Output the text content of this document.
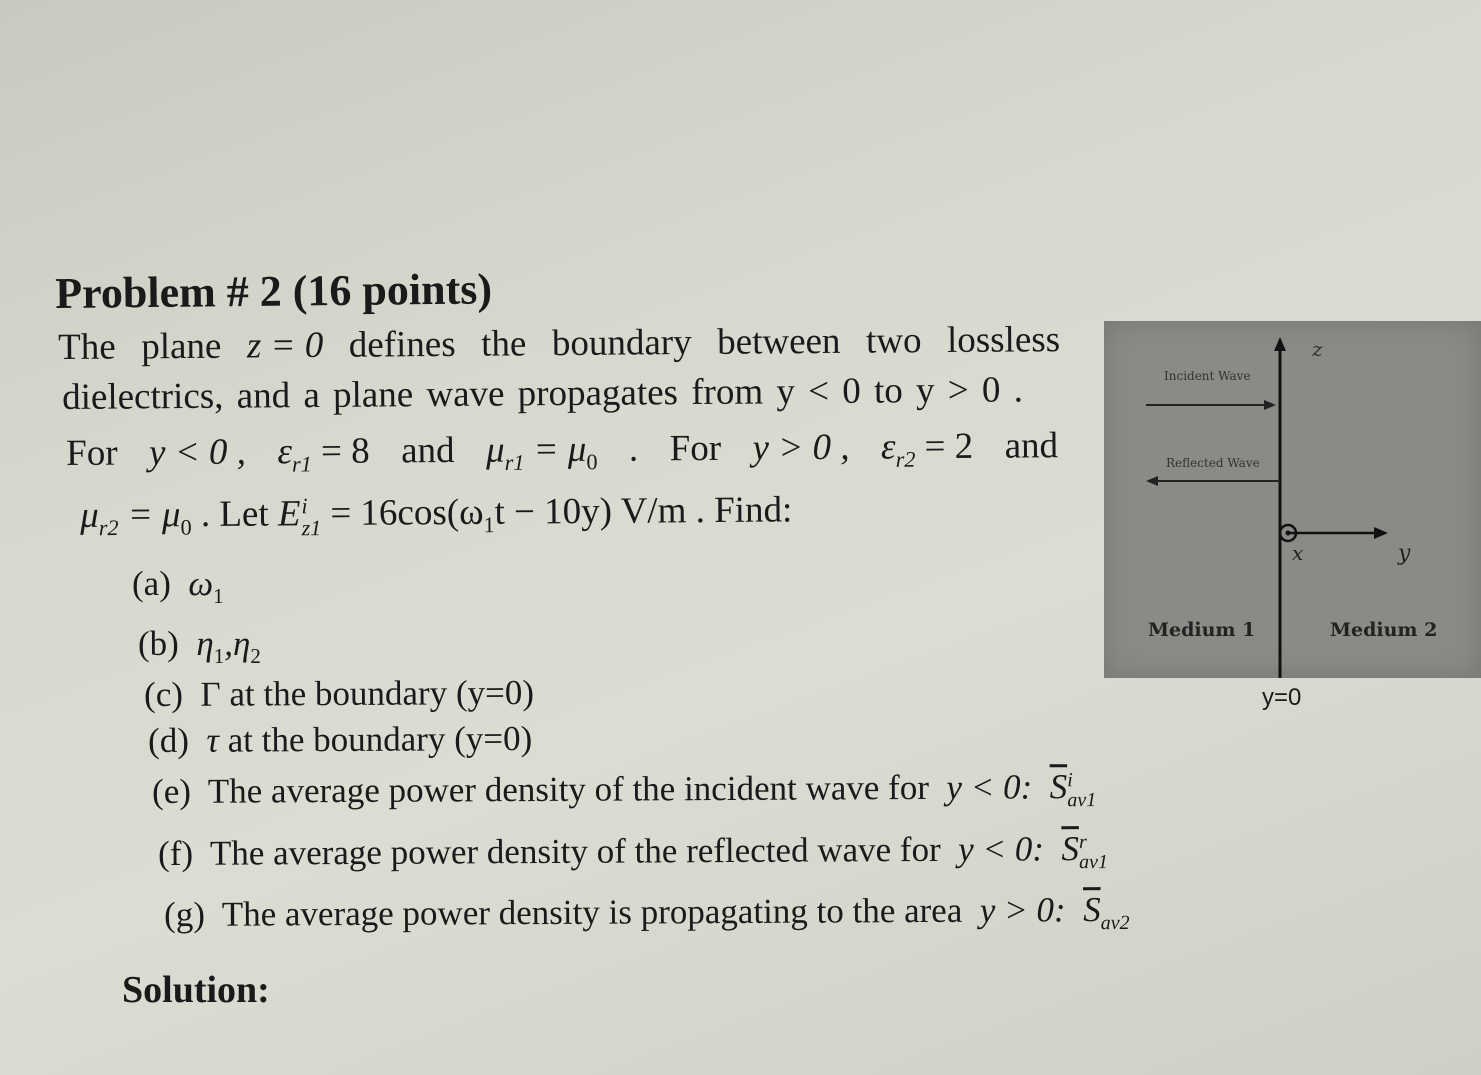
Problem # 2 (16 points)
The plane z = 0 defines the boundary between two lossless
dielectrics, and a plane wave propagates from y < 0 to y > 0 .
For y < 0 , $\varepsilon_{r1} = 8$ and $\mu_{r1} = \mu_0$ . For y > 0 , $\varepsilon_{r2} = 2$ and
$\mu_{r2} = \mu_0$ . Let E i
$z1 = 16\cos(\omega_1t - 10y)$ V/m . Find:
(a) $\omega_1$
(b) $\eta_1,\eta_2$
(c) Γ at the boundary (y=0)
(d) τ at the boundary (y=0)
(e) The average power density of the incident wave for y < 0: $\overline{S}$ i
av1
(f) The average power density of the reflected wave for y < 0: $\overline{S}$ r
av1
(g) The average power density is propagating to the area y > 0: $\overline{S}_{av2}$
Solution:
Incident Wave
Reflected Wave
z
x	y
Medium 1	Medium 2
y=0
